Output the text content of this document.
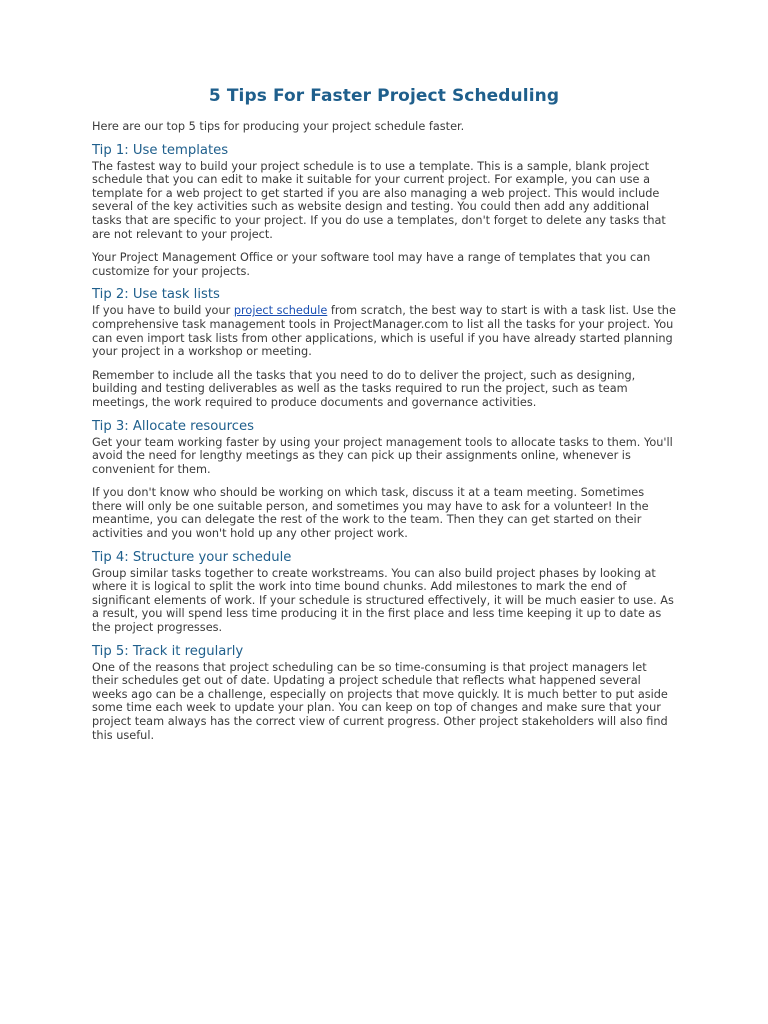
5 Tips For Faster Project Scheduling

Here are our top 5 tips for producing your project schedule faster.

Tip 1: Use templates

The fastest way to build your project schedule is to use a template. This is a sample, blank project schedule that you can edit to make it suitable for your current project. For example, you can use a template for a web project to get started if you are also managing a web project. This would include several of the key activities such as website design and testing. You could then add any additional tasks that are specific to your project. If you do use a templates, don't forget to delete any tasks that are not relevant to your project.

Your Project Management Office or your software tool may have a range of templates that you can customize for your projects.

Tip 2: Use task lists

If you have to build your project schedule from scratch, the best way to start is with a task list. Use the comprehensive task management tools in ProjectManager.com to list all the tasks for your project. You can even import task lists from other applications, which is useful if you have already started planning your project in a workshop or meeting.

Remember to include all the tasks that you need to do to deliver the project, such as designing, building and testing deliverables as well as the tasks required to run the project, such as team meetings, the work required to produce documents and governance activities.

Tip 3: Allocate resources

Get your team working faster by using your project management tools to allocate tasks to them. You'll avoid the need for lengthy meetings as they can pick up their assignments online, whenever is convenient for them.

If you don't know who should be working on which task, discuss it at a team meeting. Sometimes there will only be one suitable person, and sometimes you may have to ask for a volunteer! In the meantime, you can delegate the rest of the work to the team. Then they can get started on their activities and you won't hold up any other project work.

Tip 4: Structure your schedule

Group similar tasks together to create workstreams. You can also build project phases by looking at where it is logical to split the work into time bound chunks. Add milestones to mark the end of significant elements of work. If your schedule is structured effectively, it will be much easier to use. As a result, you will spend less time producing it in the first place and less time keeping it up to date as the project progresses.

Tip 5: Track it regularly

One of the reasons that project scheduling can be so time-consuming is that project managers let their schedules get out of date. Updating a project schedule that reflects what happened several weeks ago can be a challenge, especially on projects that move quickly. It is much better to put aside some time each week to update your plan. You can keep on top of changes and make sure that your project team always has the correct view of current progress. Other project stakeholders will also find this useful.
